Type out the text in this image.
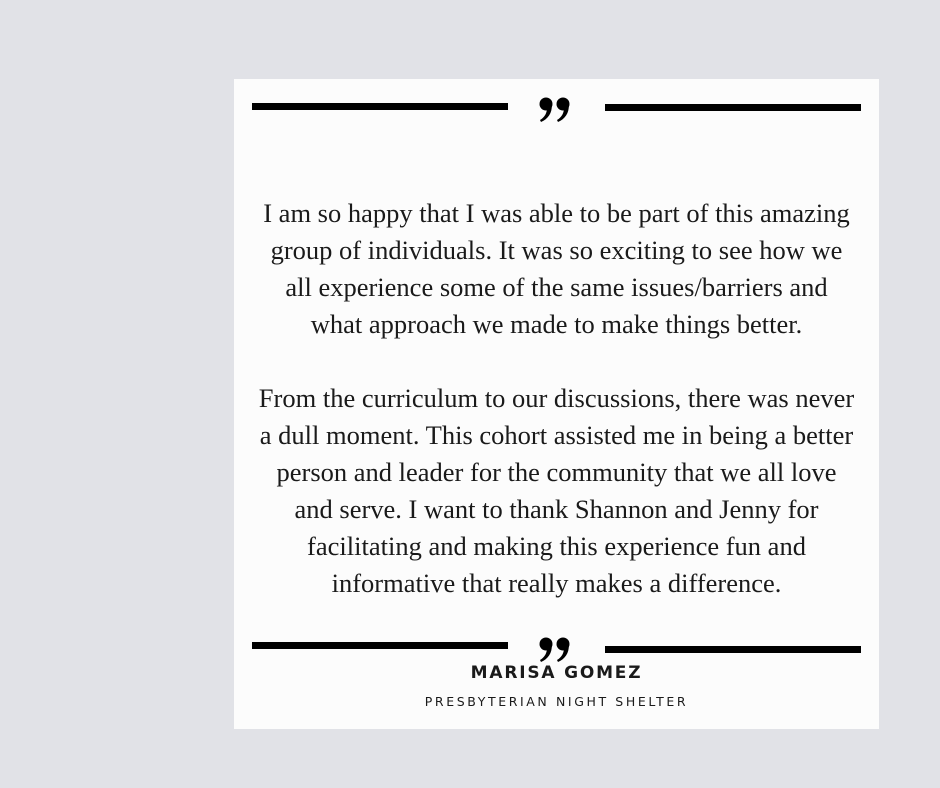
I am so happy that I was able to be part of this amazing group of individuals. It was so exciting to see how we all experience some of the same issues/barriers and what approach we made to make things better.

From the curriculum to our discussions, there was never a dull moment. This cohort assisted me in being a better person and leader for the community that we all love and serve. I want to thank Shannon and Jenny for facilitating and making this experience fun and informative that really makes a difference.

MARISA GOMEZ
PRESBYTERIAN NIGHT SHELTER
